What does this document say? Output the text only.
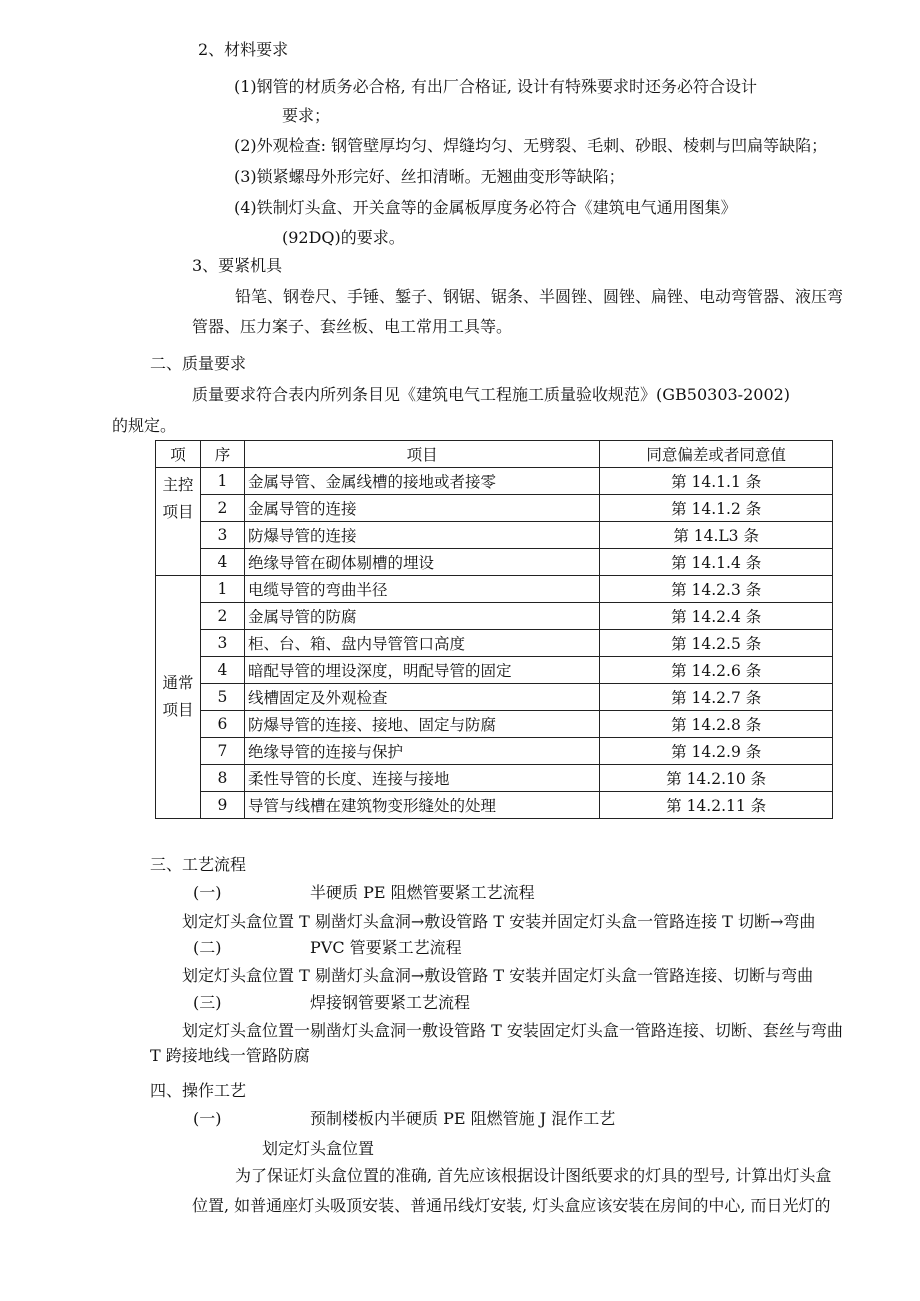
2、材料要求
(1)钢管的材质务必合格, 有出厂合格证, 设计有特殊要求时还务必符合设计
要求；
(2)外观检查: 钢管壁厚均匀、焊缝均匀、无劈裂、毛刺、砂眼、棱刺与凹扁等缺陷；
(3)锁紧螺母外形完好、丝扣清晰。无翘曲变形等缺陷；
(4)铁制灯头盒、开关盒等的金属板厚度务必符合《建筑电气通用图集》
(92DQ)的要求。
3、要紧机具
铅笔、钢卷尺、手锤、錾子、钢锯、锯条、半圆锉、圆锉、扁锉、电动弯管器、液压弯
管器、压力案子、套丝板、电工常用工具等。
二、质量要求
质量要求符合表内所列条目见《建筑电气工程施工质量验收规范》(GB50303-2002)
的规定。
项	序	项目	同意偏差或者同意值

主控项目	1	金属导管、金属线槽的接地或者接零	第 14.1.1 条
	2	金属导管的连接	第 14.1.2 条
	3	防爆导管的连接	第 14.L3 条
	4	绝缘导管在砌体剔槽的埋设	第 14.1.4 条

通常项目	1	电缆导管的弯曲半径	第 14.2.3 条
	2	金属导管的防腐	第 14.2.4 条
	3	柜、台、箱、盘内导管管口高度	第 14.2.5 条
	4	暗配导管的埋设深度，明配导管的固定	第 14.2.6 条
	5	线槽固定及外观检查	第 14.2.7 条
	6	防爆导管的连接、接地、固定与防腐	第 14.2.8 条
	7	绝缘导管的连接与保护	第 14.2.9 条
	8	柔性导管的长度、连接与接地	第 14.2.10 条
	9	导管与线槽在建筑物变形缝处的处理	第 14.2.11 条
三、工艺流程
(一)	半硬质 PE 阻燃管要紧工艺流程
划定灯头盒位置 T 剔凿灯头盒洞→敷设管路 T 安装并固定灯头盒一管路连接 T 切断→弯曲
(二)	PVC 管要紧工艺流程
划定灯头盒位置 T 剔凿灯头盒洞→敷设管路 T 安装并固定灯头盒一管路连接、切断与弯曲
(三)	焊接钢管要紧工艺流程
划定灯头盒位置一剔凿灯头盒洞一敷设管路 T 安装固定灯头盒一管路连接、切断、套丝与弯曲
T 跨接地线一管路防腐
四、操作工艺
(一)	预制楼板内半硬质 PE 阻燃管施 J 混作工艺
划定灯头盒位置
为了保证灯头盒位置的准确, 首先应该根据设计图纸要求的灯具的型号, 计算出灯头盒
位置, 如普通座灯头吸顶安装、普通吊线灯安装, 灯头盒应该安装在房间的中心, 而日光灯的
